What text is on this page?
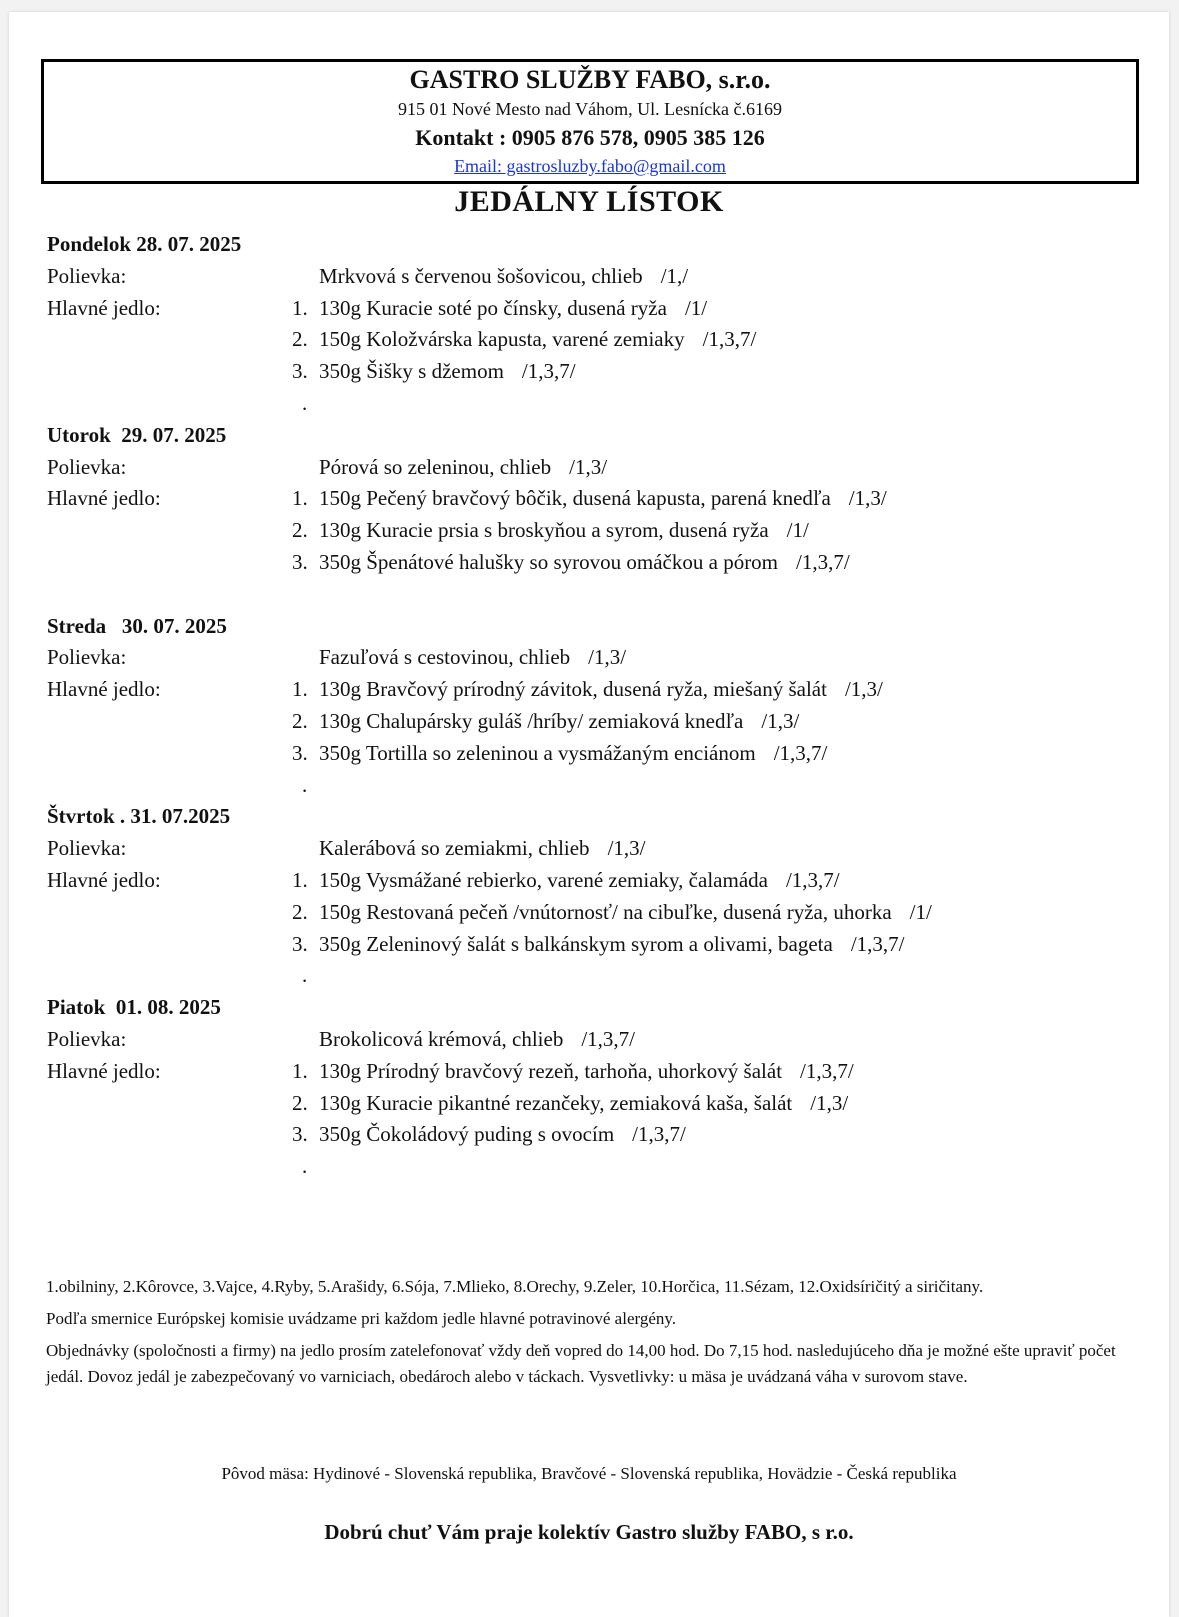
GASTRO SLUŽBY FABO, s.r.o.
915 01 Nové Mesto nad Váhom, Ul. Lesnícka č.6169
Kontakt : 0905 876 578, 0905 385 126
Email: gastrosluzby.fabo@gmail.com
JEDÁLNY LÍSTOK
Pondelok 28. 07. 2025
Polievka:	Mrkvová s červenou šošovicou, chlieb /1,/
Hlavné jedlo:	1. 130g Kuracie soté po čínsky, dusená ryža /1/
2. 150g Koložvárska kapusta, varené zemiaky /1,3,7/
3. 350g Šišky s džemom /1,3,7/
.
Utorok  29. 07. 2025
Polievka:	Pórová so zeleninou, chlieb /1,3/
Hlavné jedlo:	1. 150g Pečený bravčový bôčik, dusená kapusta, parená knedľa /1,3/
2. 130g Kuracie prsia s broskyňou a syrom, dusená ryža /1/
3. 350g Špenátové halušky so syrovou omáčkou a pórom /1,3,7/
Streda   30. 07. 2025
Polievka:	Fazuľová s cestovinou, chlieb /1,3/
Hlavné jedlo:	1. 130g Bravčový prírodný závitok, dusená ryža, miešaný šalát /1,3/
2. 130g Chalupársky guláš /hríby/ zemiaková knedľa /1,3/
3. 350g Tortilla so zeleninou a vysmážaným enciánom /1,3,7/
.
Štvrtok . 31. 07.2025
Polievka:	Kalerábová so zemiakmi, chlieb /1,3/
Hlavné jedlo:	1. 150g Vysmážané rebierko, varené zemiaky, čalamáda /1,3,7/
2. 150g Restovaná pečeň /vnútornosť/ na cibuľke, dusená ryža, uhorka /1/
3. 350g Zeleninový šalát s balkánskym syrom a olivami, bageta /1,3,7/
.
Piatok  01. 08. 2025
Polievka:	Brokolicová krémová, chlieb /1,3,7/
Hlavné jedlo:	1. 130g Prírodný bravčový rezeň, tarhoňa, uhorkový šalát /1,3,7/
2. 130g Kuracie pikantné rezančeky, zemiaková kaša, šalát /1,3/
3. 350g Čokoládový puding s ovocím /1,3,7/
.

1.obilniny, 2.Kôrovce, 3.Vajce, 4.Ryby, 5.Arašidy, 6.Sója, 7.Mlieko, 8.Orechy, 9.Zeler, 10.Horčica, 11.Sézam, 12.Oxidsíričitý a siričitany.

Podľa smernice Európskej komisie uvádzame pri každom jedle hlavné potravinové alergény.

Objednávky (spoločnosti a firmy) na jedlo prosím zatelefonovať vždy deň vopred do 14,00 hod. Do 7,15 hod. nasledujúceho dňa je možné ešte upraviť počet jedál. Dovoz jedál je zabezpečovaný vo varniciach, obedároch alebo v táckach. Vysvetlivky: u mäsa je uvádzaná váha v surovom stave.

Pôvod mäsa: Hydinové - Slovenská republika, Bravčové - Slovenská republika, Hovädzie - Česká republika
Dobrú chuť Vám praje kolektív Gastro služby FABO, s r.o.
